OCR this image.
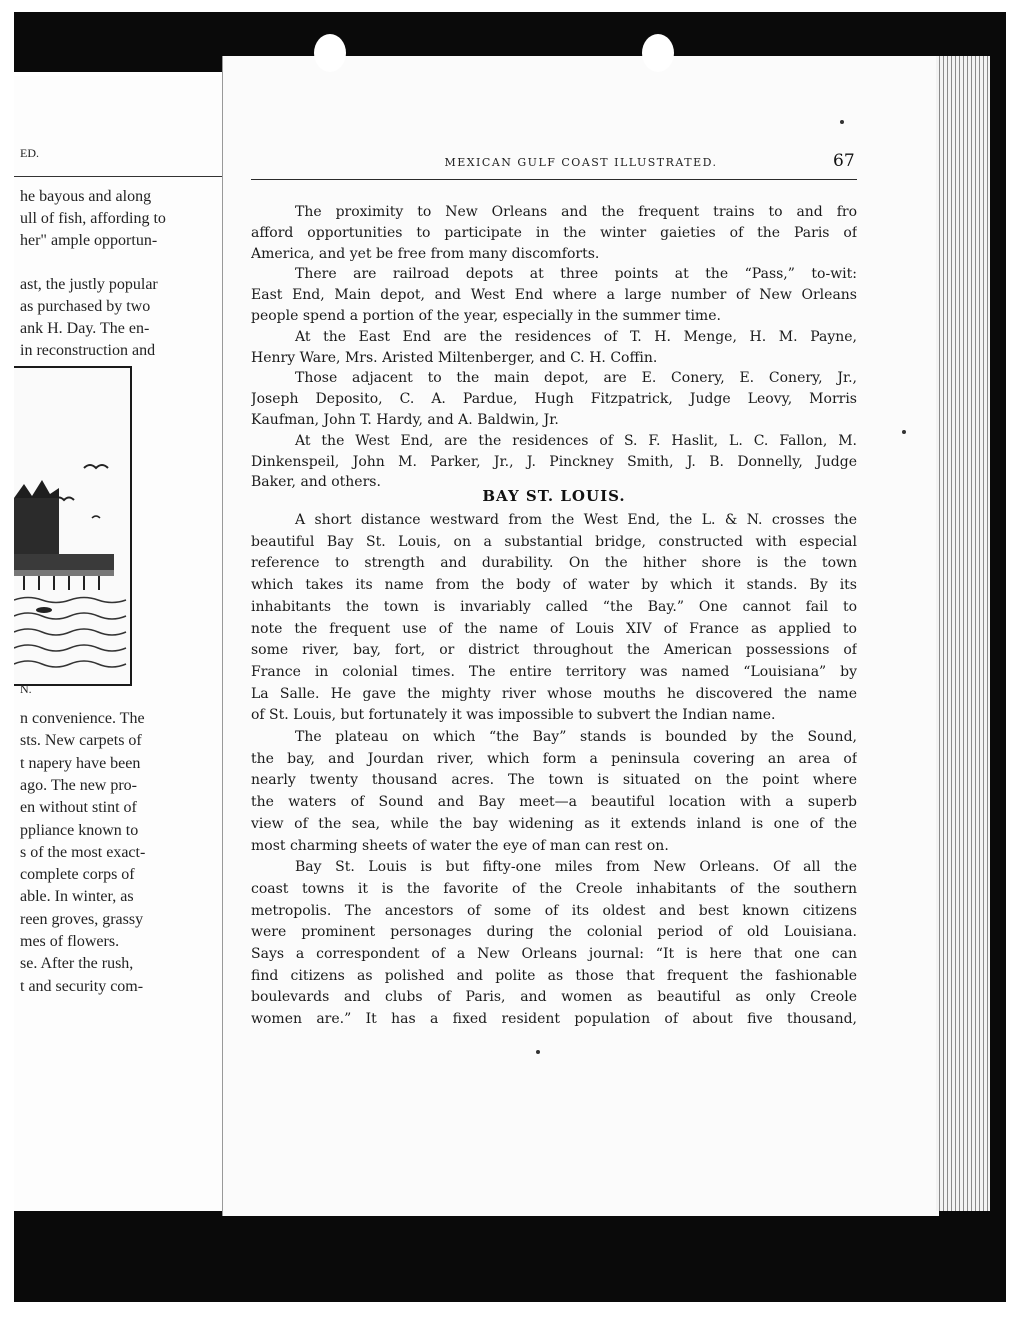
ED.
he bayous and along
ull of fish, affording to
her" ample opportun-
ast, the justly popular
as purchased by two
ank H. Day. The en-
in reconstruction and
N.
n convenience. The
sts. New carpets of
t napery have been
ago. The new pro-
en without stint of
ppliance known to
s of the most exact-
complete corps of
able. In winter, as
reen groves, grassy
mes of flowers.
se. After the rush,
t and security com-
MEXICAN GULF COAST ILLUSTRATED.	67
The proximity to New Orleans and the frequent trains to and fro
afford opportunities to participate in the winter gaieties of the Paris of
America, and yet be free from many discomforts.
There are railroad depots at three points at the “Pass,” to-wit:
East End, Main depot, and West End where a large number of New Orleans
people spend a portion of the year, especially in the summer time.
At the East End are the residences of T. H. Menge, H. M. Payne,
Henry Ware, Mrs. Aristed Miltenberger, and C. H. Coffin.
Those adjacent to the main depot, are E. Conery, E. Conery, Jr.,
Joseph Deposito, C. A. Pardue, Hugh Fitzpatrick, Judge Leovy, Morris
Kaufman, John T. Hardy, and A. Baldwin, Jr.
At the West End, are the residences of S. F. Haslit, L. C. Fallon, M.
Dinkenspeil, John M. Parker, Jr., J. Pinckney Smith, J. B. Donnelly, Judge
Baker, and others.
BAY ST. LOUIS.
A short distance westward from the West End, the L. & N. crosses the
beautiful Bay St. Louis, on a substantial bridge, constructed with especial
reference to strength and durability. On the hither shore is the town
which takes its name from the body of water by which it stands. By its
inhabitants the town is invariably called “the Bay.” One cannot fail to
note the frequent use of the name of Louis XIV of France as applied to
some river, bay, fort, or district throughout the American possessions of
France in colonial times. The entire territory was named “Louisiana” by
La Salle. He gave the mighty river whose mouths he discovered the name
of St. Louis, but fortunately it was impossible to subvert the Indian name.
The plateau on which “the Bay” stands is bounded by the Sound,
the bay, and Jourdan river, which form a peninsula covering an area of
nearly twenty thousand acres. The town is situated on the point where
the waters of Sound and Bay meet—a beautiful location with a superb
view of the sea, while the bay widening as it extends inland is one of the
most charming sheets of water the eye of man can rest on.
Bay St. Louis is but fifty-one miles from New Orleans. Of all the
coast towns it is the favorite of the Creole inhabitants of the southern
metropolis. The ancestors of some of its oldest and best known citizens
were prominent personages during the colonial period of old Louisiana.
Says a correspondent of a New Orleans journal: “It is here that one can
find citizens as polished and polite as those that frequent the fashionable
boulevards and clubs of Paris, and women as beautiful as only Creole
women are.” It has a fixed resident population of about five thousand,
